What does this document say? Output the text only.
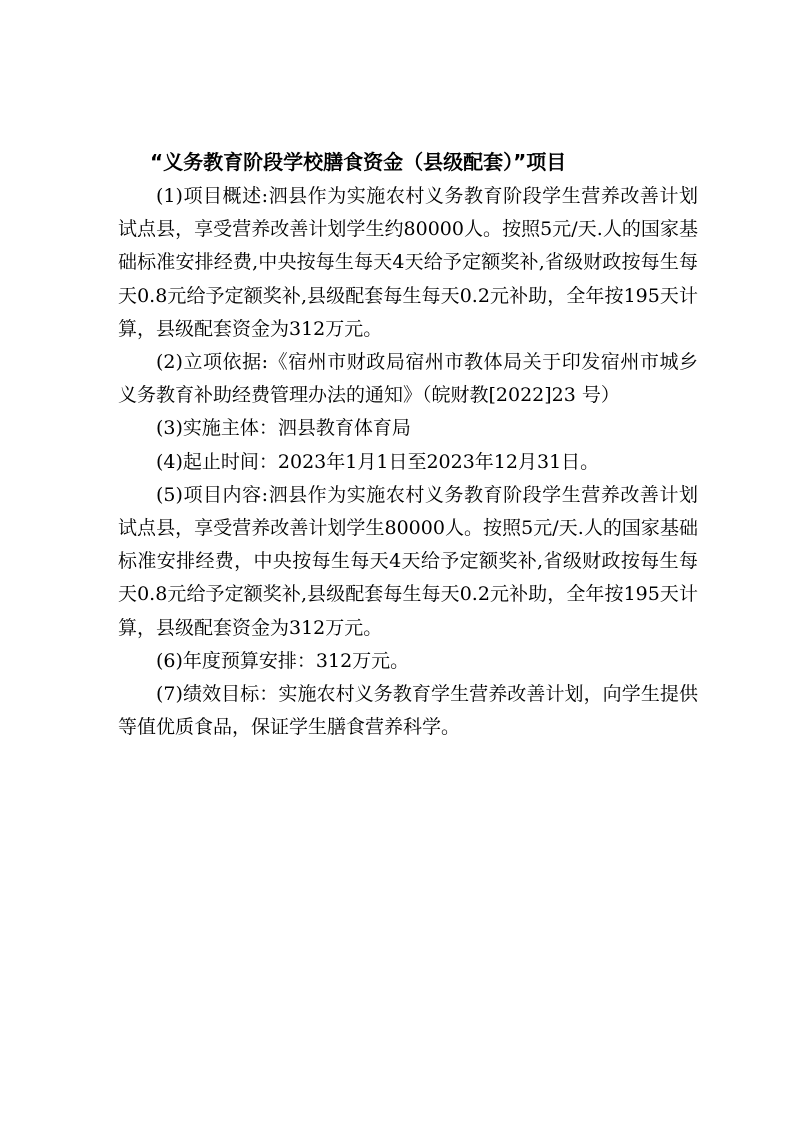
“义务教育阶段学校膳食资金（县级配套）”项目

(1)项目概述:泗县作为实施农村义务教育阶段学生营养改善计划试点县，享受营养改善计划学生约80000人。按照5元/天.人的国家基础标准安排经费,中央按每生每天4天给予定额奖补,省级财政按每生每天0.8元给予定额奖补,县级配套每生每天0.2元补助，全年按195天计算，县级配套资金为312万元。

(2)立项依据:《宿州市财政局宿州市教体局关于印发宿州市城乡义务教育补助经费管理办法的通知》（皖财教[2022]23 号）

(3)实施主体：泗县教育体育局

(4)起止时间：2023年1月1日至2023年12月31日。

(5)项目内容:泗县作为实施农村义务教育阶段学生营养改善计划试点县，享受营养改善计划学生80000人。按照5元/天.人的国家基础标准安排经费，中央按每生每天4天给予定额奖补,省级财政按每生每天0.8元给予定额奖补,县级配套每生每天0.2元补助，全年按195天计算，县级配套资金为312万元。

(6)年度预算安排：312万元。

(7)绩效目标：实施农村义务教育学生营养改善计划，向学生提供等值优质食品，保证学生膳食营养科学。
